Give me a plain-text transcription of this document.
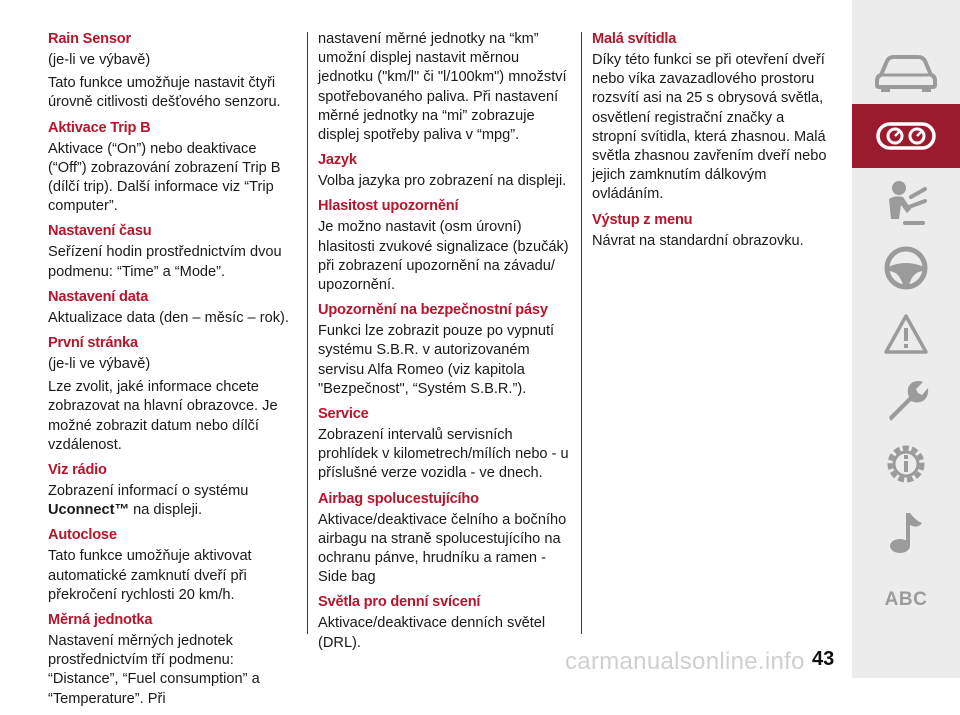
Rain Sensor

(je-li ve výbavě)

Tato funkce umožňuje nastavit čtyři úrovně citlivosti dešťového senzoru.

Aktivace Trip B

Aktivace (“On”) nebo deaktivace (“Off”) zobrazování zobrazení Trip B (dílčí trip). Další informace viz “Trip computer”.

Nastavení času

Seřízení hodin prostřednictvím dvou podmenu: “Time” a “Mode”.

Nastavení data

Aktualizace data (den – měsíc – rok).

První stránka

(je-li ve výbavě)

Lze zvolit, jaké informace chcete zobrazovat na hlavní obrazovce. Je možné zobrazit datum nebo dílčí vzdálenost.

Viz rádio

Zobrazení informací o systému
Uconnect™ na displeji.

Autoclose

Tato funkce umožňuje aktivovat automatické zamknutí dveří při překročení rychlosti 20 km/h.

Měrná jednotka

Nastavení měrných jednotek prostřednictvím tří podmenu: “Distance”, “Fuel consumption” a “Temperature”. Při

nastavení měrné jednotky na “km” umožní displej nastavit měrnou jednotku ("km/l" či "l/100km") množství spotřebovaného paliva. Při nastavení měrné jednotky na “mi” zobrazuje displej spotřeby paliva v “mpg”.

Jazyk

Volba jazyka pro zobrazení na displeji.

Hlasitost upozornění

Je možno nastavit (osm úrovní) hlasitosti zvukové signalizace (bzučák) při zobrazení upozornění na závadu/ upozornění.

Upozornění na bezpečnostní pásy

Funkci lze zobrazit pouze po vypnutí systému S.B.R. v autorizovaném servisu Alfa Romeo (viz kapitola "Bezpečnost", “Systém S.B.R.”).

Service

Zobrazení intervalů servisních prohlídek v kilometrech/mílích nebo - u příslušné verze vozidla - ve dnech.

Airbag spolucestujícího

Aktivace/deaktivace čelního a bočního airbagu na straně spolucestujícího na ochranu pánve, hrudníku a ramen - Side bag

Světla pro denní svícení

Aktivace/deaktivace denních světel (DRL).

Malá svítidla

Díky této funkci se při otevření dveří nebo víka zavazadlového prostoru rozsvítí asi na 25 s obrysová světla, osvětlení registrační značky a stropní svítidla, která zhasnou. Malá světla zhasnou zavřením dveří nebo jejich zamknutím dálkovým ovládáním.

Výstup z menu

Návrat na standardní obrazovku.

ABC
carmanualsonline.info 43
